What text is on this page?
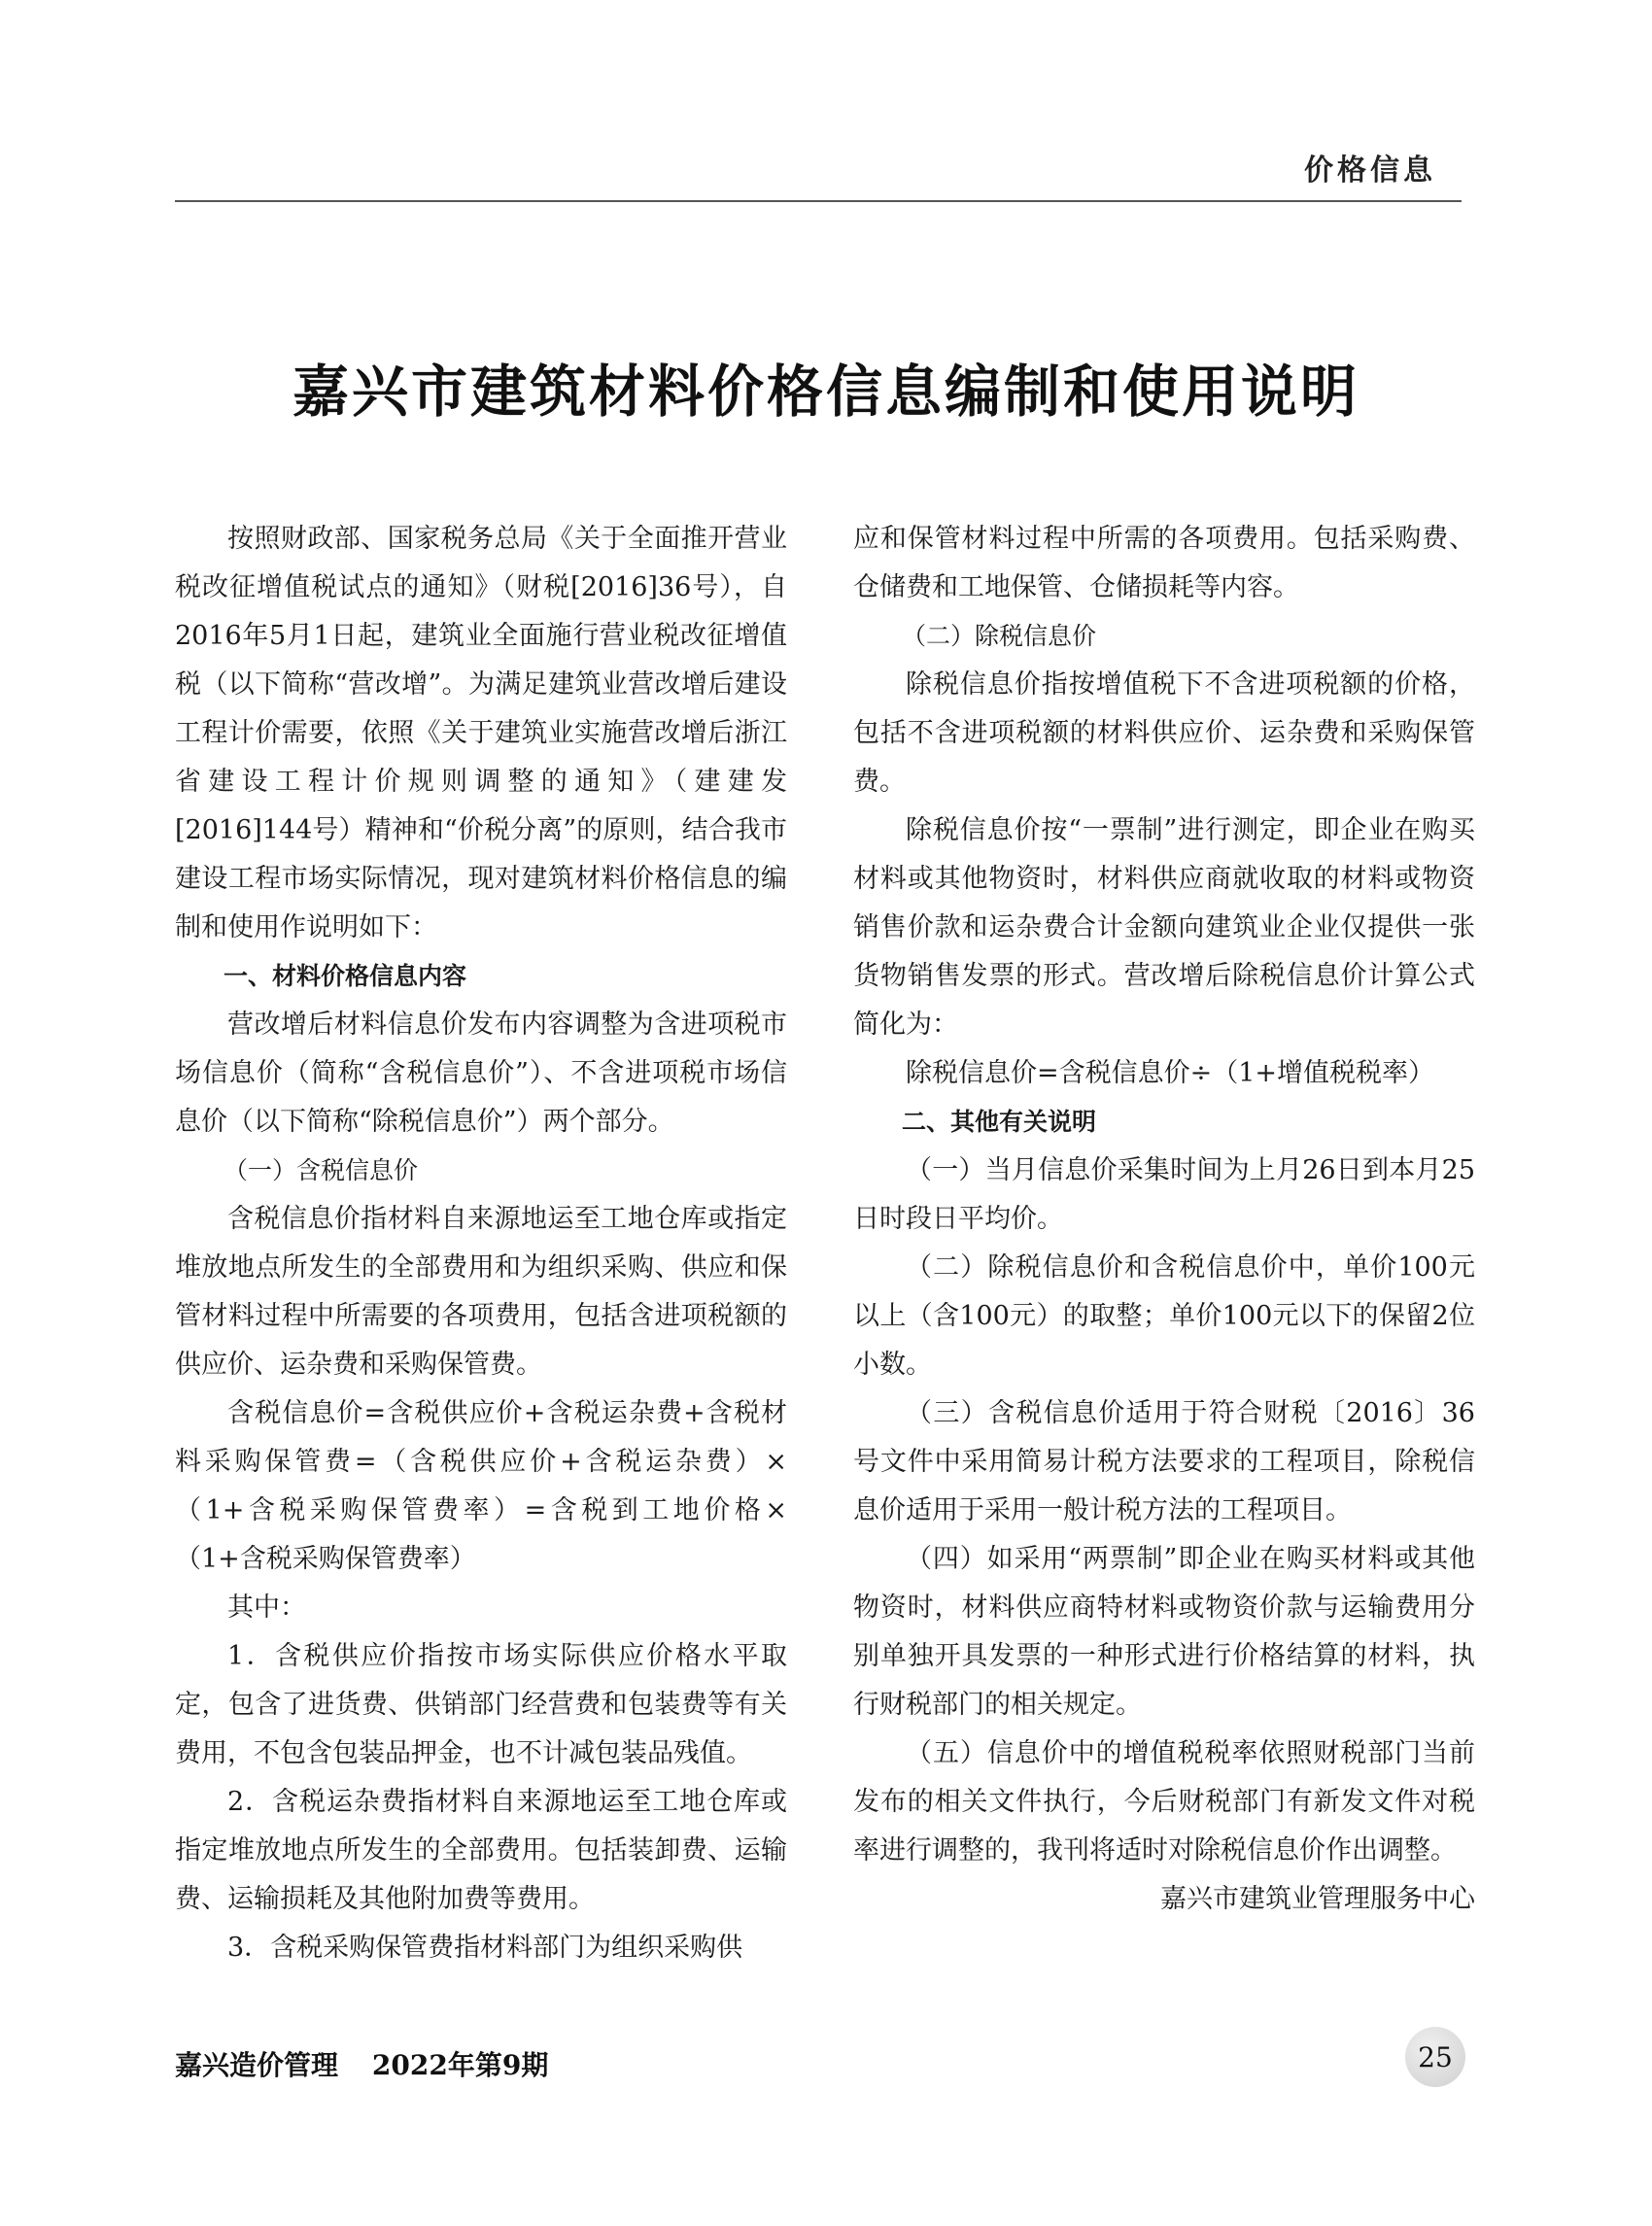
价格信息
嘉兴市建筑材料价格信息编制和使用说明

按照财政部、国家税务总局《关于全面推开营业税改征增值税试点的通知》（财税[2016]36号），自2016年5月1日起，建筑业全面施行营业税改征增值税（以下简称“营改增”。为满足建筑业营改增后建设工程计价需要，依照《关于建筑业实施营改增后浙江省建设工程计价规则调整的通知》（建建发[2016]144号）精神和“价税分离”的原则，结合我市建设工程市场实际情况，现对建筑材料价格信息的编制和使用作说明如下：

一、材料价格信息内容

营改增后材料信息价发布内容调整为含进项税市场信息价（简称“含税信息价”）、不含进项税市场信息价（以下简称“除税信息价”）两个部分。

（一）含税信息价

含税信息价指材料自来源地运至工地仓库或指定堆放地点所发生的全部费用和为组织采购、供应和保管材料过程中所需要的各项费用，包括含进项税额的供应价、运杂费和采购保管费。

含税信息价=含税供应价+含税运杂费+含税材料采购保管费=（含税供应价+含税运杂费）×（1+含税采购保管费率）=含税到工地价格×（1+含税采购保管费率）

其中：

1．含税供应价指按市场实际供应价格水平取定，包含了进货费、供销部门经营费和包装费等有关费用，不包含包装品押金，也不计减包装品残值。

2．含税运杂费指材料自来源地运至工地仓库或指定堆放地点所发生的全部费用。包括装卸费、运输费、运输损耗及其他附加费等费用。

3．含税采购保管费指材料部门为组织采购供

应和保管材料过程中所需的各项费用。包括采购费、仓储费和工地保管、仓储损耗等内容。

（二）除税信息价

除税信息价指按增值税下不含进项税额的价格，包括不含进项税额的材料供应价、运杂费和采购保管费。

除税信息价按“一票制”进行测定，即企业在购买材料或其他物资时，材料供应商就收取的材料或物资销售价款和运杂费合计金额向建筑业企业仅提供一张货物销售发票的形式。营改增后除税信息价计算公式简化为：

除税信息价=含税信息价÷（1+增值税税率）

二、其他有关说明

（一）当月信息价采集时间为上月26日到本月25日时段日平均价。

（二）除税信息价和含税信息价中，单价100元以上（含100元）的取整；单价100元以下的保留2位小数。

（三）含税信息价适用于符合财税〔2016〕36号文件中采用简易计税方法要求的工程项目，除税信息价适用于采用一般计税方法的工程项目。

（四）如采用“两票制”即企业在购买材料或其他物资时，材料供应商特材料或物资价款与运输费用分别单独开具发票的一种形式进行价格结算的材料，执行财税部门的相关规定。

（五）信息价中的增值税税率依照财税部门当前发布的相关文件执行，今后财税部门有新发文件对税率进行调整的，我刊将适时对除税信息价作出调整。

嘉兴市建筑业管理服务中心

嘉兴造价管理 2022年第9期	25
